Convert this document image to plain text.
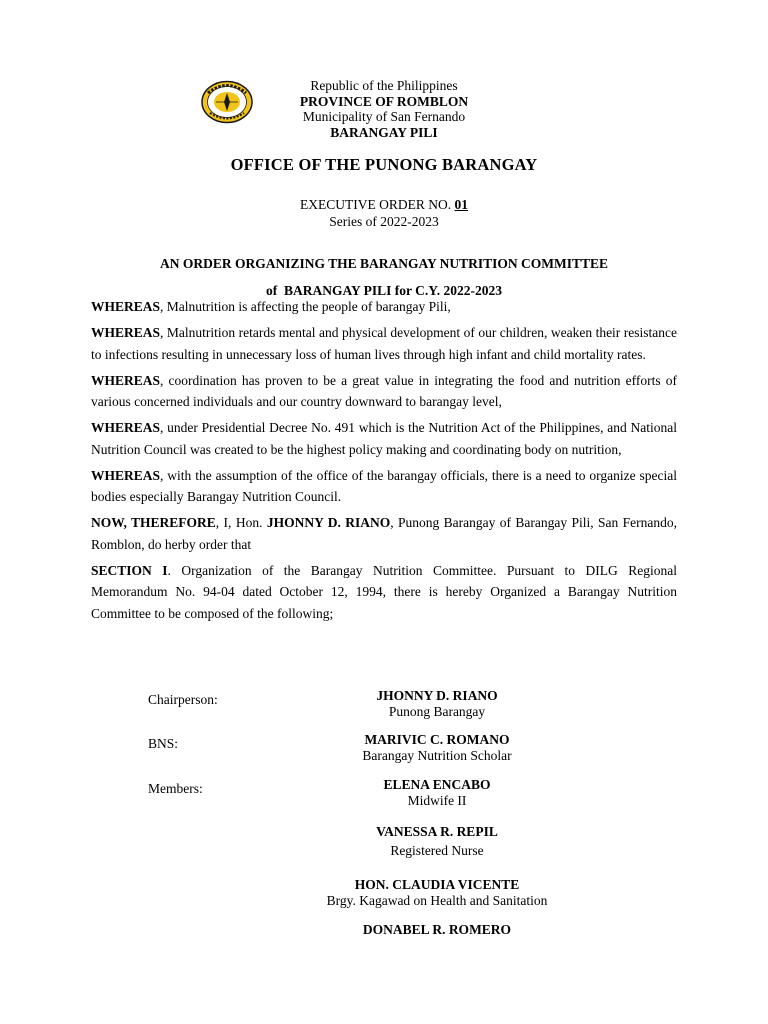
Republic of the Philippines
PROVINCE OF ROMBLON
Municipality of San Fernando
BARANGAY PILI
OFFICE OF THE PUNONG BARANGAY
EXECUTIVE ORDER NO. 01
Series of 2022-2023
AN ORDER ORGANIZING THE BARANGAY NUTRITION COMMITTEE
of  BARANGAY PILI for C.Y. 2022-2023

WHEREAS, Malnutrition is affecting the people of barangay Pili,

WHEREAS, Malnutrition retards mental and physical development of our children, weaken their resistance to infections resulting in unnecessary loss of human lives through high infant and child mortality rates.

WHEREAS, coordination has proven to be a great value in integrating the food and nutrition efforts of various concerned individuals and our country downward to barangay level,

WHEREAS, under Presidential Decree No. 491 which is the Nutrition Act of the Philippines, and National Nutrition Council was created to be the highest policy making and coordinating body on nutrition,

WHEREAS, with the assumption of the office of the barangay officials, there is a need to organize special bodies especially Barangay Nutrition Council.

NOW, THEREFORE, I, Hon. JHONNY D. RIANO, Punong Barangay of Barangay Pili, San Fernando, Romblon, do herby order that

SECTION I. Organization of the Barangay Nutrition Committee. Pursuant to DILG Regional Memorandum No. 94-04 dated October 12, 1994, there is hereby Organized a Barangay Nutrition Committee to be composed of the following;

Chairperson:
BNS:
Members:
JHONNY D. RIANO
Punong Barangay
MARIVIC C. ROMANO
Barangay Nutrition Scholar
ELENA ENCABO
Midwife II
VANESSA R. REPIL
Registered Nurse
HON. CLAUDIA VICENTE
Brgy. Kagawad on Health and Sanitation
DONABEL R. ROMERO
